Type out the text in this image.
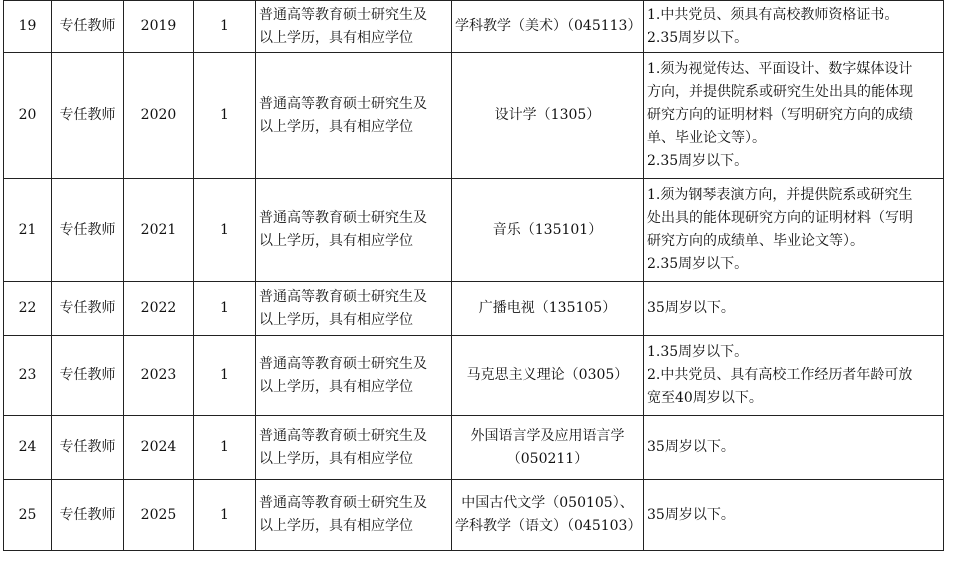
19	专任教师	2019	1	普通高等教育硕士研究生及
以上学历，具有相应学位	学科教学（美术）（045113）	1.中共党员、须具有高校教师资格证书。
2.35周岁以下。

20	专任教师	2020	1	普通高等教育硕士研究生及
以上学历，具有相应学位	设计学（1305）	1.须为视觉传达、平面设计、数字媒体设计
方向，并提供院系或研究生处出具的能体现
研究方向的证明材料（写明研究方向的成绩
单、毕业论文等）。
2.35周岁以下。

21	专任教师	2021	1	普通高等教育硕士研究生及
以上学历，具有相应学位	音乐（135101）	1.须为钢琴表演方向，并提供院系或研究生
处出具的能体现研究方向的证明材料（写明
研究方向的成绩单、毕业论文等）。
2.35周岁以下。

22	专任教师	2022	1	普通高等教育硕士研究生及
以上学历，具有相应学位	广播电视（135105）	35周岁以下。

23	专任教师	2023	1	普通高等教育硕士研究生及
以上学历，具有相应学位	马克思主义理论（0305）	1.35周岁以下。
2.中共党员、具有高校工作经历者年龄可放
宽至40周岁以下。

24	专任教师	2024	1	普通高等教育硕士研究生及
以上学历，具有相应学位	外国语言学及应用语言学
（050211）	35周岁以下。

25	专任教师	2025	1	普通高等教育硕士研究生及
以上学历，具有相应学位	中国古代文学（050105）、
学科教学（语文）（045103）	35周岁以下。
